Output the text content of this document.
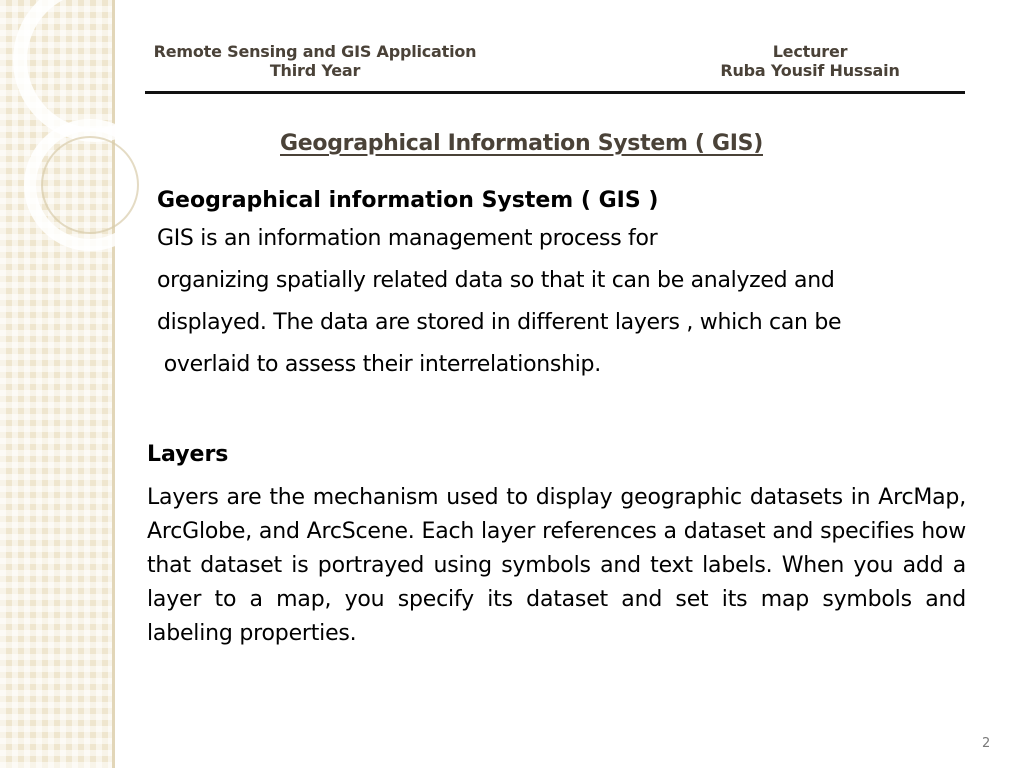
Remote Sensing and GIS Application
Third Year
Lecturer
Ruba Yousif Hussain
Geographical Information System ( GIS)
Geographical information System ( GIS )
GIS is an information management process for
organizing spatially related data so that it can be analyzed and
displayed. The data are stored in different layers , which can be
overlaid to assess their interrelationship.
Layers
Layers are the mechanism used to display geographic datasets in ArcMap, ArcGlobe, and ArcScene. Each layer references a dataset and specifies how that dataset is portrayed using symbols and text labels. When you add a layer to a map, you specify its dataset and set its map symbols and labeling properties.
2
